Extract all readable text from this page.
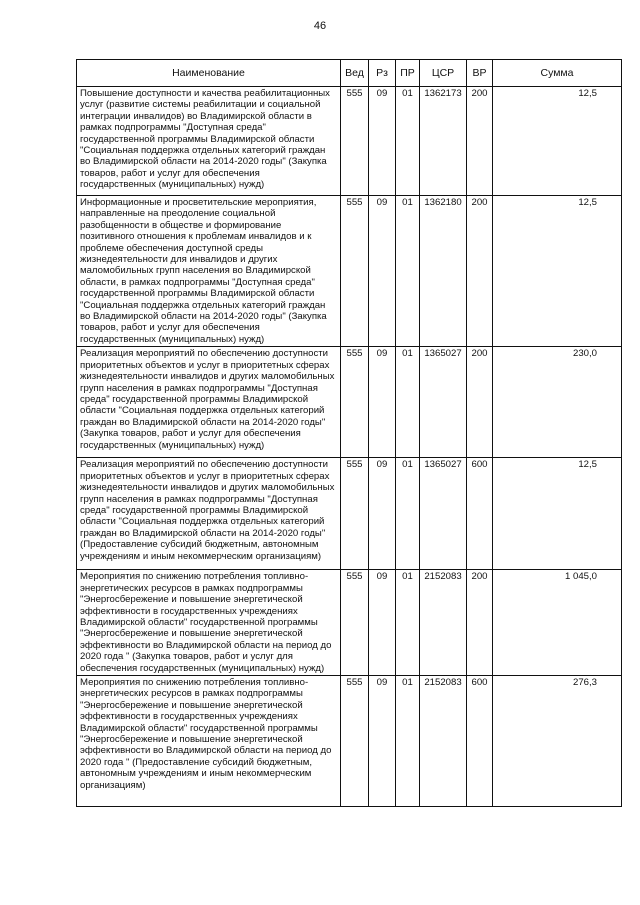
46
Наименование	Вед	Рз	ПР	ЦСР	ВР	Сумма
Повышение доступности и качества реабилитационных услуг (развитие системы реабилитации и социальной интеграции инвалидов) во Владимирской области в рамках подпрограммы "Доступная среда" государственной программы Владимирской области "Социальная поддержка отдельных категорий граждан во Владимирской области на 2014-2020 годы" (Закупка товаров, работ и услуг для обеспечения государственных (муниципальных) нужд)	555	09	01	1362173	200	12,5
Информационные и просветительские мероприятия, направленные на преодоление социальной разобщенности в обществе и формирование позитивного отношения к проблемам инвалидов и к проблеме обеспечения доступной среды жизнедеятельности для инвалидов и других маломобильных групп населения во Владимирской области, в рамках подпрограммы "Доступная среда" государственной программы Владимирской области "Социальная поддержка отдельных категорий граждан во Владимирской области на 2014-2020 годы" (Закупка товаров, работ и услуг для обеспечения государственных (муниципальных) нужд)	555	09	01	1362180	200	12,5
Реализация мероприятий по обеспечению доступности приоритетных объектов и услуг в приоритетных сферах жизнедеятельности инвалидов и других маломобильных групп населения в рамках подпрограммы "Доступная среда" государственной программы Владимирской области "Социальная поддержка отдельных категорий граждан во Владимирской области на 2014-2020 годы" (Закупка товаров, работ и услуг для обеспечения государственных (муниципальных) нужд)	555	09	01	1365027	200	230,0
Реализация мероприятий по обеспечению доступности приоритетных объектов и услуг в приоритетных сферах жизнедеятельности инвалидов и других маломобильных групп населения в рамках подпрограммы "Доступная среда" государственной программы Владимирской области "Социальная поддержка отдельных категорий граждан во Владимирской области на 2014-2020 годы" (Предоставление субсидий бюджетным, автономным учреждениям и иным некоммерческим организациям)	555	09	01	1365027	600	12,5
Мероприятия по снижению потребления топливно-энергетических ресурсов в рамках подпрограммы "Энергосбережение и повышение энергетической эффективности в государственных учреждениях Владимирской области" государственной программы "Энергосбережение и повышение энергетической эффективности во Владимирской области на период до 2020 года " (Закупка товаров, работ и услуг для обеспечения государственных (муниципальных) нужд)	555	09	01	2152083	200	1 045,0
Мероприятия по снижению потребления топливно-энергетических ресурсов в рамках подпрограммы "Энергосбережение и повышение энергетической эффективности в государственных учреждениях Владимирской области" государственной программы "Энергосбережение и повышение энергетической эффективности во Владимирской области на период до 2020 года " (Предоставление субсидий бюджетным, автономным учреждениям и иным некоммерческим организациям)	555	09	01	2152083	600	276,3
